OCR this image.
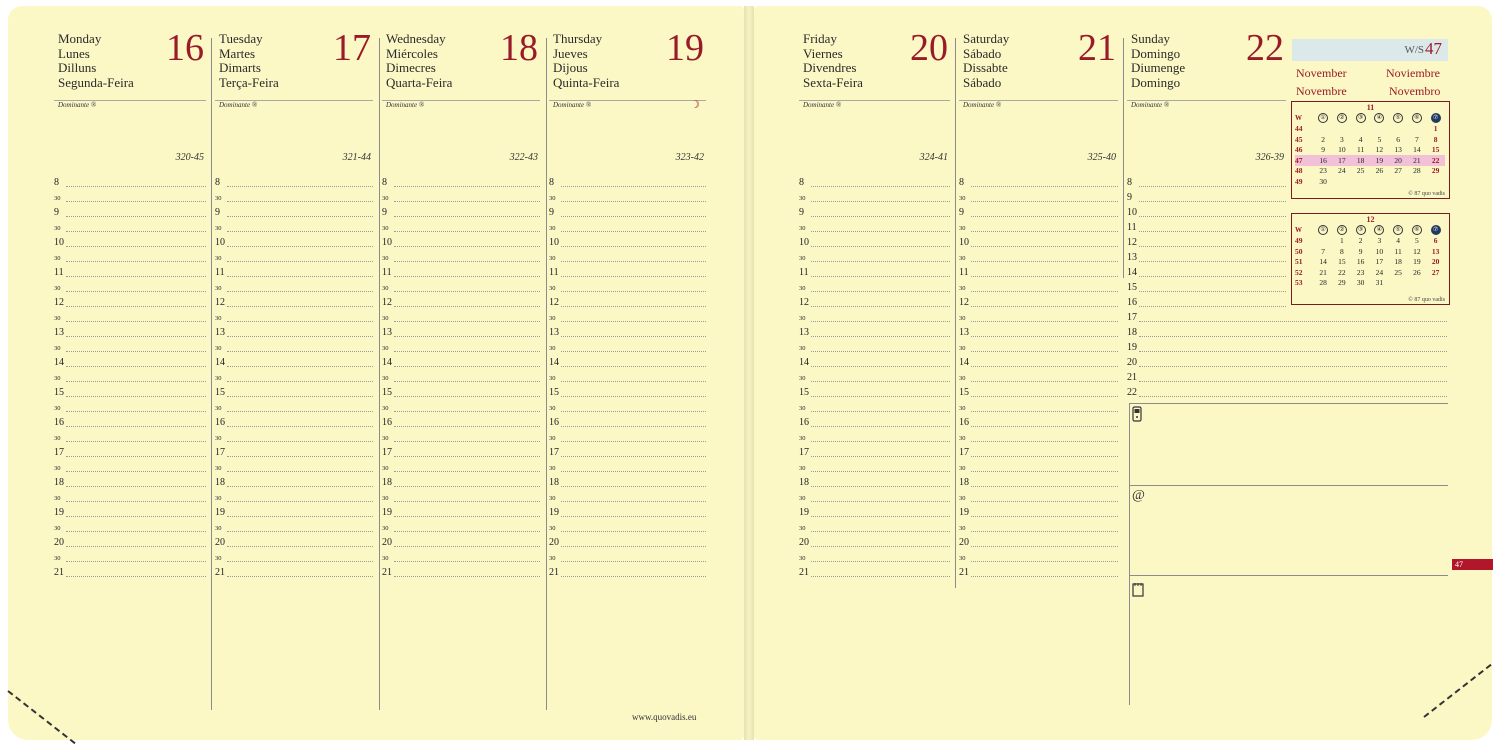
Monday
Lunes
Dilluns
Segunda-Feira
16
Dominante ®
320-45
8
30
9
30
10
30
11
30
12
30
13
30
14
30
15
30
16
30
17
30
18
30
19
30
20
30
21
Tuesday
Martes
Dimarts
Terça-Feira
17
Dominante ®
321-44
8
30
9
30
10
30
11
30
12
30
13
30
14
30
15
30
16
30
17
30
18
30
19
30
20
30
21
Wednesday
Miércoles
Dimecres
Quarta-Feira
18
Dominante ®
322-43
8
30
9
30
10
30
11
30
12
30
13
30
14
30
15
30
16
30
17
30
18
30
19
30
20
30
21
Thursday
Jueves
Dijous
Quinta-Feira
19
Dominante ®	☽
323-42
8
30
9
30
10
30
11
30
12
30
13
30
14
30
15
30
16
30
17
30
18
30
19
30
20
30
21
Friday
Viernes
Divendres
Sexta-Feira
20
Dominante ®
324-41
8
30
9
30
10
30
11
30
12
30
13
30
14
30
15
30
16
30
17
30
18
30
19
30
20
30
21
Saturday
Sábado
Dissabte
Sábado
21
Dominante ®
325-40
8
30
9
30
10
30
11
30
12
30
13
30
14
30
15
30
16
30
17
30
18
30
19
30
20
30
21
Sunday
Domingo
Diumenge
Domingo
22
Dominante ®
326-39
8
9
10
11
12
13
14
15
16
17
18
19
20
21
22
W/S 47
November	Noviembre
Novembre	Novembro
11
W	①	②	③	④	⑤	⑥	⑦
44							1
45	2	3	4	5	6	7	8
46	9	10	11	12	13	14	15
47	16	17	18	19	20	21	22
48	23	24	25	26	27	28	29
49	30						
© 87 quo vadis
12
W	①	②	③	④	⑤	⑥	⑦
49		1	2	3	4	5	6
50	7	8	9	10	11	12	13
51	14	15	16	17	18	19	20
52	21	22	23	24	25	26	27
53	28	29	30	31			
© 87 quo vadis
@
www.quovadis.eu
47
